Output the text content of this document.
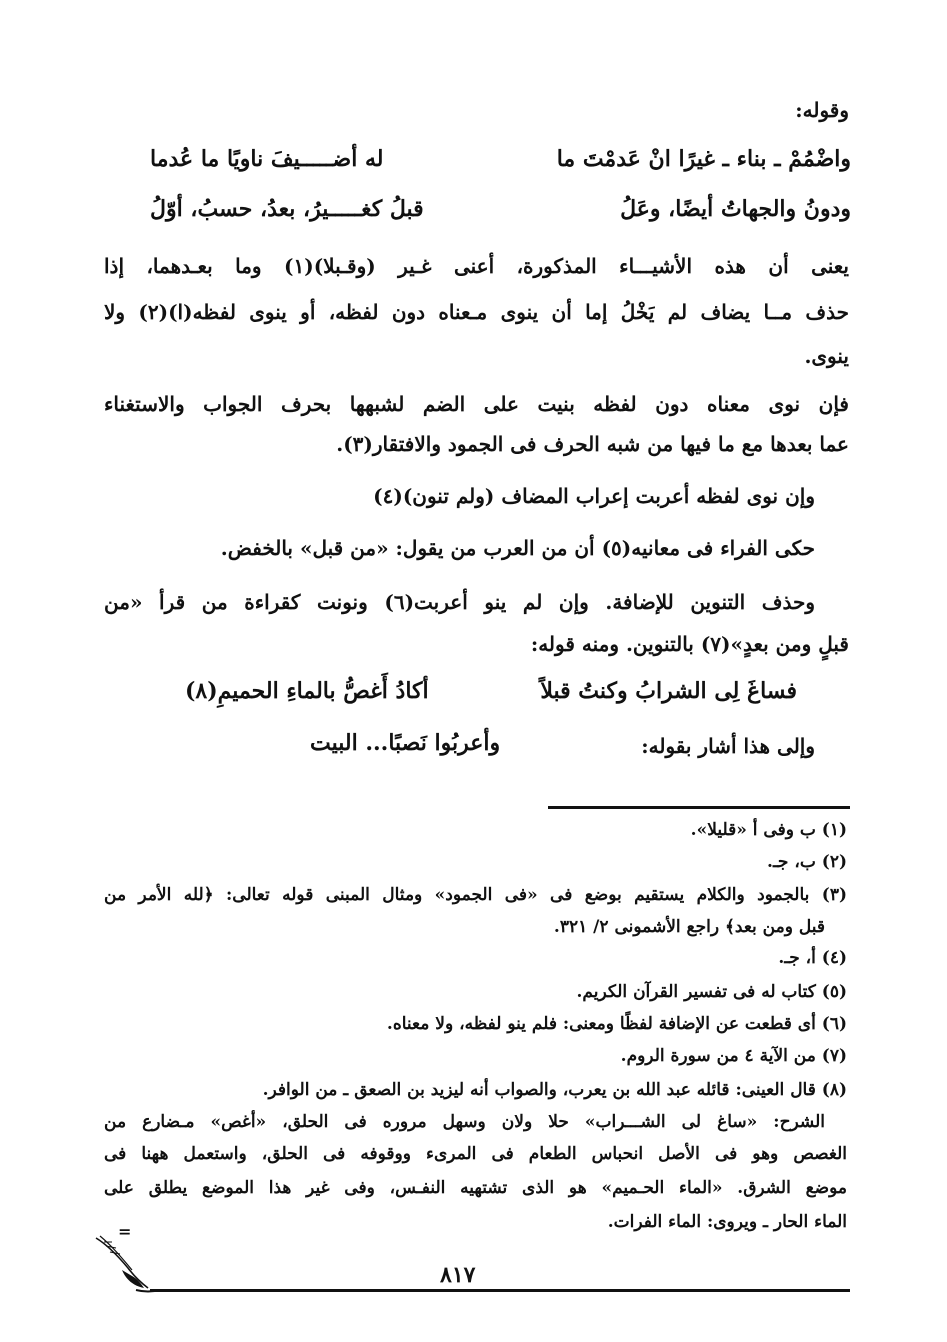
وقوله:
واضْمُمْ ـ بناء ـ غيرًا انْ عَدمْتَ ما
له أضـــــيفَ ناويًا ما عُدما
ودونُ والجهاتُ أيضًا، وعَلُ
قبلُ كغـــــيرُ، بعدُ، حسبُ، أوّلُ
يعنى أن هذه الأشيـــاء المذكورة، أعنى غـير (وقـبلا)(١) وما بعـدهما، إذا
حذف مــا يضاف لم يَخْلُ إما أن ينوى مـعناه دون لفظه، أو ينوى لفظه(ا)(٢) ولا
ينوى.
فإن نوى معناه دون لفظه بنيت على الضم لشبهها بحرف الجواب والاستغناء
عما بعدها مع ما فيها من شبه الحرف فى الجمود والافتقار(٣).
وإن نوى لفظه أعربت إعراب المضاف (ولم تنون)(٤)
حكى الفراء فى معانيه(٥) أن من العرب من يقول: «من قبل» بالخفض.
وحذف التنوين للإضافة. وإن لم ينو أعربت(٦) ونونت كقراءة من قرأ «من
قبلٍ ومن بعدٍ»(٧) بالتنوين. ومنه قوله:
فساغَ لِى الشرابُ وكنتُ قبلاً
أكادُ أَغصُّ بالماءِ الحميمِ(٨)
وإلى هذا أشار بقوله:
وأعربُوا نَصبًا... البيت
(١) ب وفى أ «قليلا».
(٢) ب، جـ.
(٣) بالجمود والكلام يستقيم بوضع فى «فى الجمود» ومثال المبنى قوله تعالى: ﴿لله الأمر من
قبل ومن بعد﴾ راجع الأشمونى ٢/ ٣٢١.
(٤) أ، جـ.
(٥) كتاب له فى تفسير القرآن الكريم.
(٦) أى قطعت عن الإضافة لفظًا ومعنى: فلم ينو لفظه، ولا معناه.
(٧) من الآية ٤ من سورة الروم.
(٨) قال العينى: قائله عبد الله بن يعرب، والصواب أنه ليزيد بن الصعق ـ من الوافر.
الشرح: «ساغ لى الشـــراب» حلا ولان وسهل مروره فى الحلق، «أغص» مـضارع من
الغصص وهو فى الأصل انحباس الطعام فى المرىء ووقوفه فى الحلق، واستعمل ههنا فى
موضع الشرق. «الماء الحـميم» هو الذى تشتهيه النفـس، وفى غير هذا الموضع يطلق على
الماء الحار ـ ويروى: الماء الفرات.
=
٨١٧
